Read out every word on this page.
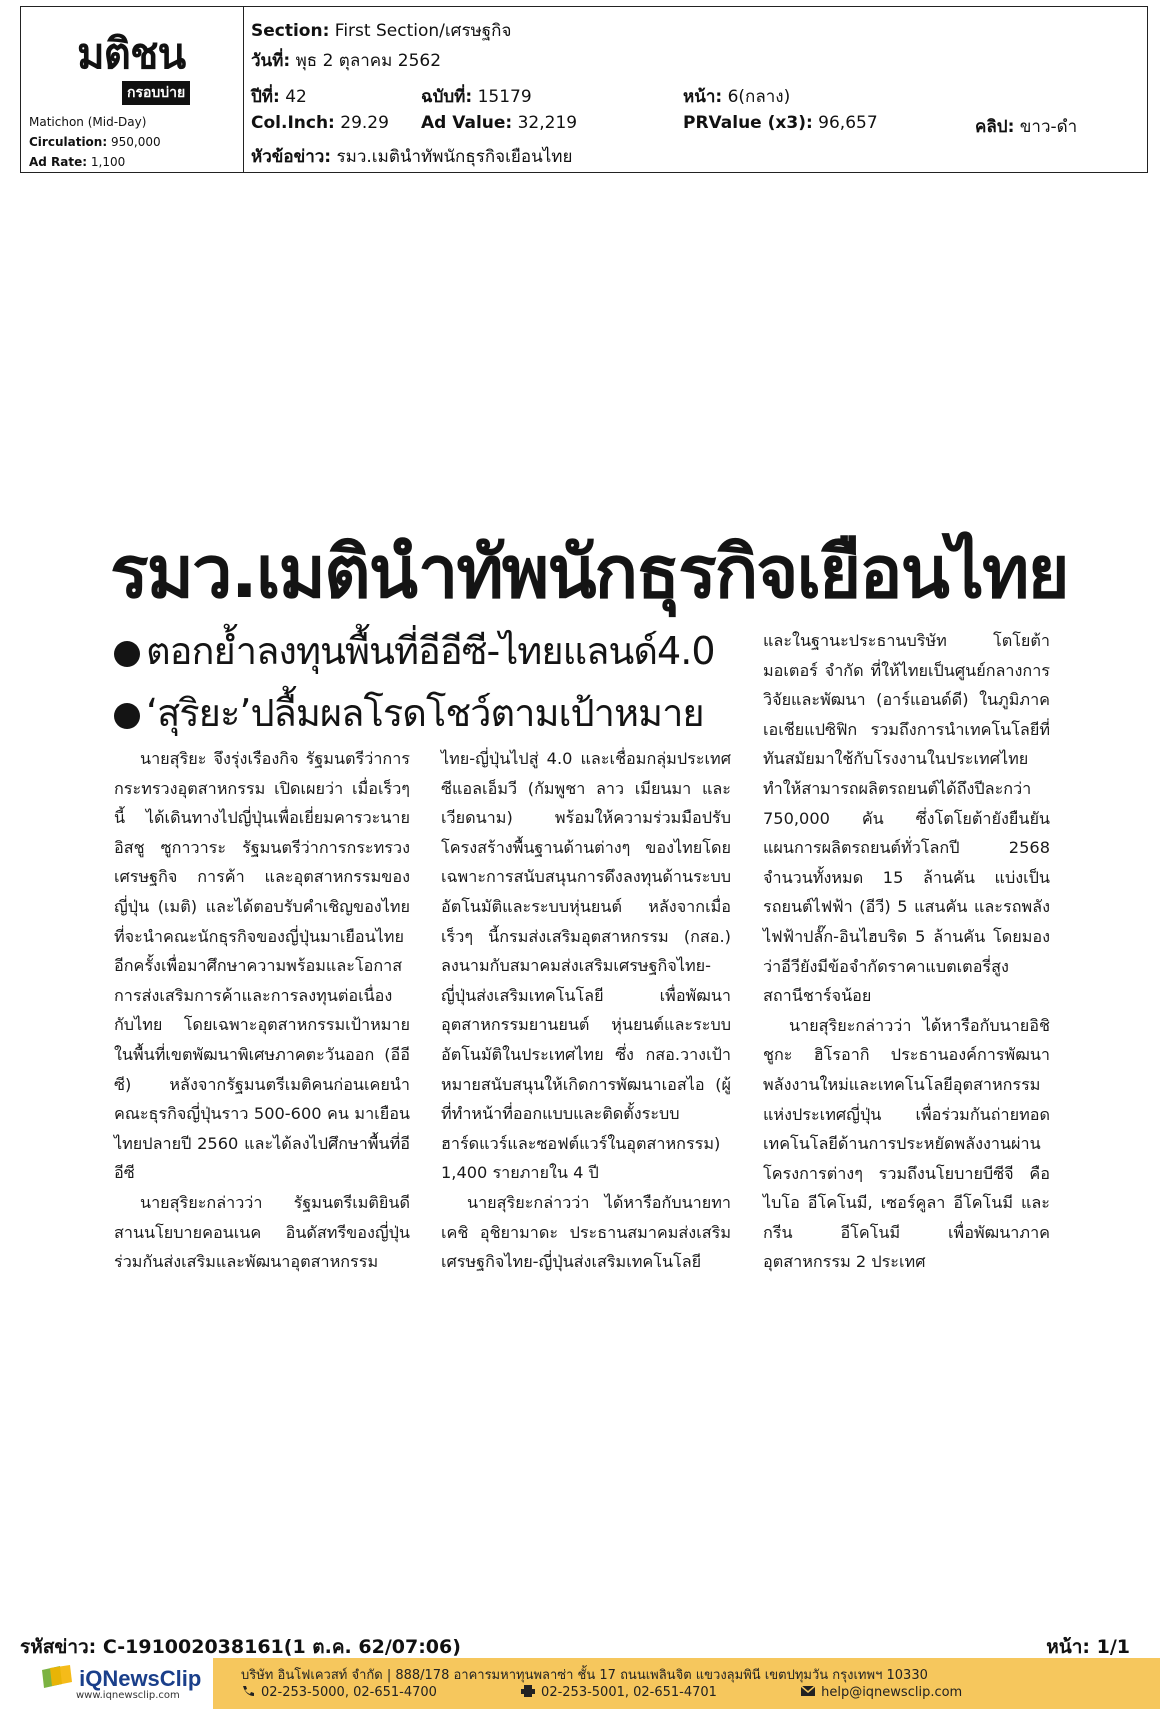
มติชน
กรอบบ่าย
Matichon (Mid-Day)
Circulation: 950,000
Ad Rate: 1,100
Section: First Section/เศรษฐกิจ
วันที่: พุธ 2 ตุลาคม 2562
ปีที่: 42	ฉบับที่: 15179	หน้า: 6(กลาง)
Col.Inch: 29.29 Ad Value: 32,219	PRValue (x3): 96,657	คลิป: ขาว-ดำ
หัวข้อข่าว: รมว.เมตินำทัพนักธุรกิจเยือนไทย
รมว.เมตินำทัพนักธุรกิจเยือนไทย
ตอกย้ำลงทุนพื้นที่อีอีซี-ไทยแลนด์4.0
‘สุริยะ’ปลื้มผลโรดโชว์ตามเป้าหมาย

นายสุริยะ จึงรุ่งเรืองกิจ รัฐมนตรีว่าการกระทรวงอุตสาหกรรม เปิดเผยว่า เมื่อเร็วๆ นี้ ได้เดินทางไปญี่ปุ่นเพื่อเยี่ยมคารวะนายอิสชู ซูกาวาระ รัฐมนตรีว่าการกระทรวงเศรษฐกิจ การค้า และอุตสาหกรรมของญี่ปุ่น (เมติ) และได้ตอบรับคำเชิญของไทยที่จะนำคณะนักธุรกิจของญี่ปุ่นมาเยือนไทยอีกครั้งเพื่อมาศึกษาความพร้อมและโอกาสการส่งเสริมการค้าและการลงทุนต่อเนื่องกับไทย โดยเฉพาะอุตสาหกรรมเป้าหมายในพื้นที่เขตพัฒนาพิเศษภาคตะวันออก (อีอีซี) หลังจากรัฐมนตรีเมติคนก่อนเคยนำคณะธุรกิจญี่ปุ่นราว 500-600 คน มาเยือนไทยปลายปี 2560 และได้ลงไปศึกษาพื้นที่อีอีซี

นายสุริยะกล่าวว่า รัฐมนตรีเมติยินดีสานนโยบายคอนเนค อินดัสทรีของญี่ปุ่นร่วมกันส่งเสริมและพัฒนาอุตสาหกรรม

ไทย-ญี่ปุ่นไปสู่ 4.0 และเชื่อมกลุ่มประเทศซีแอลเอ็มวี (กัมพูชา ลาว เมียนมา และเวียดนาม) พร้อมให้ความร่วมมือปรับโครงสร้างพื้นฐานด้านต่างๆ ของไทยโดยเฉพาะการสนับสนุนการดึงลงทุนด้านระบบอัตโนมัติและระบบหุ่นยนต์ หลังจากเมื่อเร็วๆ นี้กรมส่งเสริมอุตสาหกรรม (กสอ.) ลงนามกับสมาคมส่งเสริมเศรษฐกิจไทย-ญี่ปุ่นส่งเสริมเทคโนโลยี เพื่อพัฒนาอุตสาหกรรมยานยนต์ หุ่นยนต์และระบบอัตโนมัติในประเทศไทย ซึ่ง กสอ.วางเป้าหมายสนับสนุนให้เกิดการพัฒนาเอสไอ (ผู้ที่ทำหน้าที่ออกแบบและติดตั้งระบบฮาร์ดแวร์และซอฟต์แวร์ในอุตสาหกรรม) 1,400 รายภายใน 4 ปี

นายสุริยะกล่าวว่า ได้หารือกับนายทาเคชิ อุชิยามาดะ ประธานสมาคมส่งเสริมเศรษฐกิจไทย-ญี่ปุ่นส่งเสริมเทคโนโลยี

และในฐานะประธานบริษัท โตโยต้า มอเตอร์ จำกัด ที่ให้ไทยเป็นศูนย์กลางการวิจัยและพัฒนา (อาร์แอนด์ดี) ในภูมิภาคเอเชียแปซิฟิก รวมถึงการนำเทคโนโลยีที่ทันสมัยมาใช้กับโรงงานในประเทศไทย ทำให้สามารถผลิตรถยนต์ได้ถึงปีละกว่า 750,000 คัน ซึ่งโตโยต้ายังยืนยันแผนการผลิตรถยนต์ทั่วโลกปี 2568 จำนวนทั้งหมด 15 ล้านคัน แบ่งเป็น รถยนต์ไฟฟ้า (อีวี) 5 แสนคัน และรถพลังไฟฟ้าปลั๊ก-อินไฮบริด 5 ล้านคัน โดยมองว่าอีวียังมีข้อจำกัดราคาแบตเตอรี่สูง สถานีชาร์จน้อย

นายสุริยะกล่าวว่า ได้หารือกับนายอิชิชูกะ ฮิโรอากิ ประธานองค์การพัฒนาพลังงานใหม่และเทคโนโลยีอุตสาหกรรมแห่งประเทศญี่ปุ่น เพื่อร่วมกันถ่ายทอดเทคโนโลยีด้านการประหยัดพลังงานผ่านโครงการต่างๆ รวมถึงนโยบายบีซีจี คือ ไบโอ อีโคโนมี, เซอร์คูลา อีโคโนมี และกรีน อีโคโนมี เพื่อพัฒนาภาคอุตสาหกรรม 2 ประเทศ

รหัสข่าว: C-191002038161(1 ต.ค. 62/07:06)	หน้า: 1/1
iQNewsClip
www.iqnewsclip.com
บริษัท อินโฟเควสท์ จำกัด | 888/178 อาคารมหาทุนพลาซ่า ชั้น 17 ถนนเพลินจิต แขวงลุมพินี เขตปทุมวัน กรุงเทพฯ 10330
02-253-5000, 02-651-4700	02-253-5001, 02-651-4701	help@iqnewsclip.com
